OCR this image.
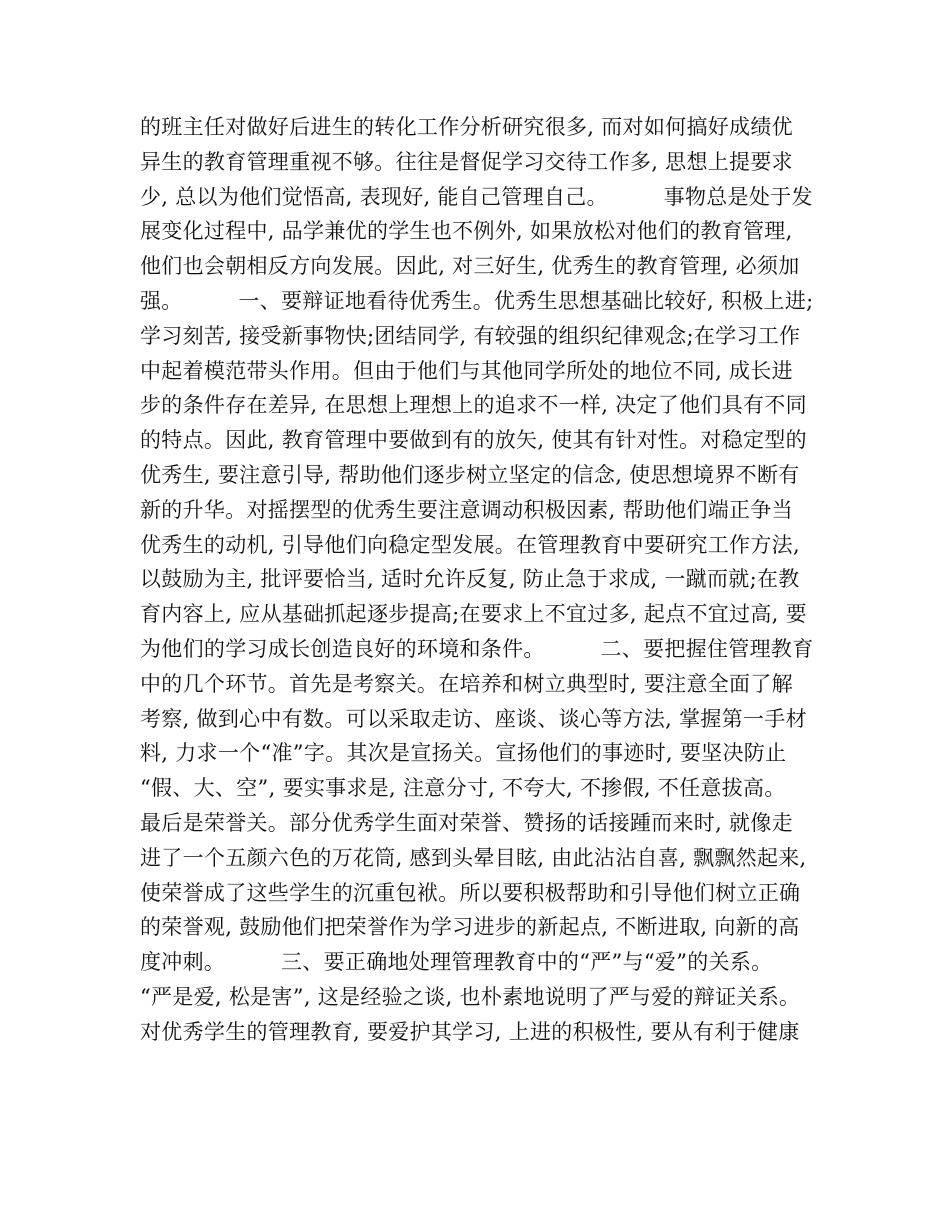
的班主任对做好后进生的转化工作分析研究很多, 而对如何搞好成绩优
异生的教育管理重视不够。往往是督促学习交待工作多, 思想上提要求
少, 总以为他们觉悟高, 表现好, 能自己管理自己。        事物总是处于发
展变化过程中, 品学兼优的学生也不例外, 如果放松对他们的教育管理,
他们也会朝相反方向发展。因此, 对三好生, 优秀生的教育管理, 必须加
强。        一、要辩证地看待优秀生。优秀生思想基础比较好, 积极上进;
学习刻苦, 接受新事物快;团结同学, 有较强的组织纪律观念;在学习工作
中起着模范带头作用。但由于他们与其他同学所处的地位不同, 成长进
步的条件存在差异, 在思想上理想上的追求不一样, 决定了他们具有不同
的特点。因此, 教育管理中要做到有的放矢, 使其有针对性。对稳定型的
优秀生, 要注意引导, 帮助他们逐步树立坚定的信念, 使思想境界不断有
新的升华。对摇摆型的优秀生要注意调动积极因素, 帮助他们端正争当
优秀生的动机, 引导他们向稳定型发展。在管理教育中要研究工作方法,
以鼓励为主, 批评要恰当, 适时允许反复, 防止急于求成, 一蹴而就;在教
育内容上, 应从基础抓起逐步提高;在要求上不宜过多, 起点不宜过高, 要
为他们的学习成长创造良好的环境和条件。        二、要把握住管理教育
中的几个环节。首先是考察关。在培养和树立典型时, 要注意全面了解
考察, 做到心中有数。可以采取走访、座谈、谈心等方法, 掌握第一手材
料, 力求一个“准”字。其次是宣扬关。宣扬他们的事迹时, 要坚决防止
“假、大、空”, 要实事求是, 注意分寸, 不夸大, 不掺假, 不任意拔高。
最后是荣誉关。部分优秀学生面对荣誉、赞扬的话接踵而来时, 就像走
进了一个五颜六色的万花筒, 感到头晕目眩, 由此沾沾自喜, 飘飘然起来,
使荣誉成了这些学生的沉重包袱。所以要积极帮助和引导他们树立正确
的荣誉观, 鼓励他们把荣誉作为学习进步的新起点, 不断进取, 向新的高
度冲刺。        三、要正确地处理管理教育中的“严”与“爱”的关系。
“严是爱, 松是害”, 这是经验之谈, 也朴素地说明了严与爱的辩证关系。
对优秀学生的管理教育, 要爱护其学习, 上进的积极性, 要从有利于健康
